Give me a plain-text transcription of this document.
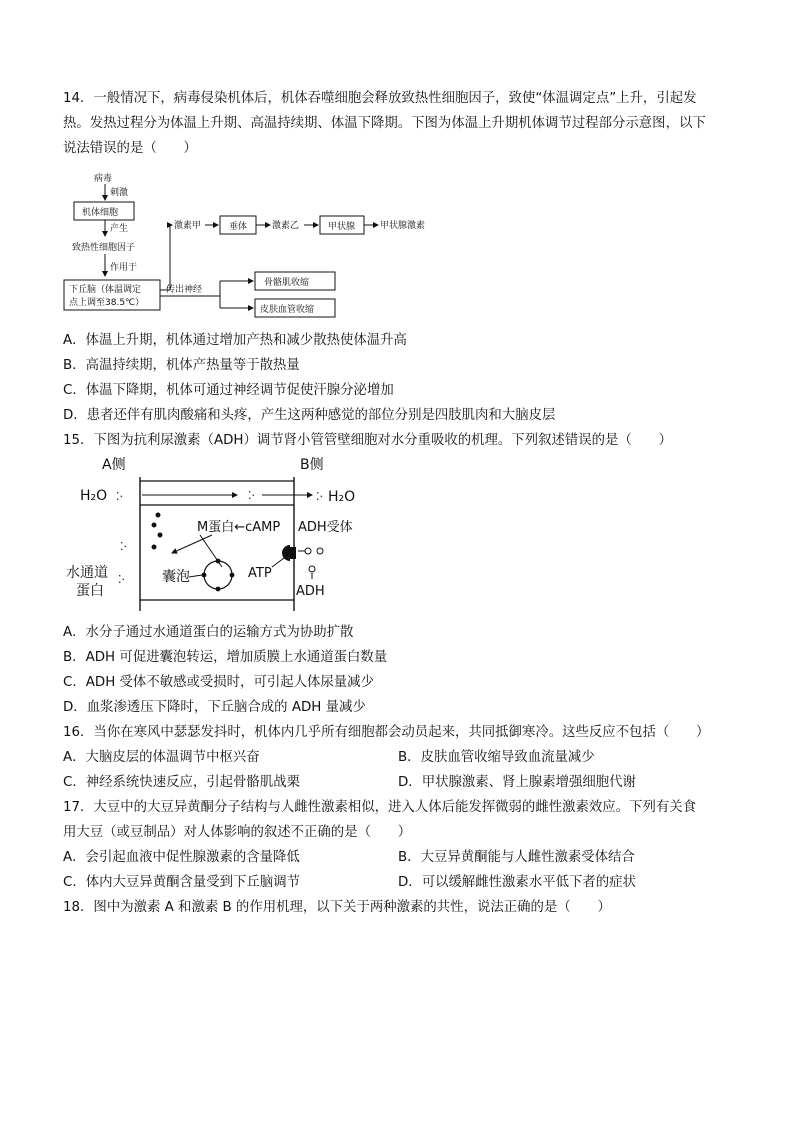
14．一般情况下，病毒侵染机体后，机体吞噬细胞会释放致热性细胞因子，致使“体温调定点”上升，引起发
热。发热过程分为体温上升期、高温持续期、体温下降期。下图为体温上升期机体调节过程部分示意图，以下
说法错误的是（　　）
病毒
刺激
机体细胞
产生
致热性细胞因子
作用于
下丘脑（体温调定
点上调至38.5℃）
激素甲	垂体	激素乙	甲状腺	甲状腺激素
传出神经
骨骼肌收缩
皮肤血管收缩
A．体温上升期，机体通过增加产热和减少散热使体温升高
B．高温持续期，机体产热量等于散热量
C．体温下降期，机体可通过神经调节促使汗腺分泌增加
D．患者还伴有肌肉酸痛和头疼，产生这两种感觉的部位分别是四肢肌肉和大脑皮层
15．下图为抗利尿激素（ADH）调节肾小管管壁细胞对水分重吸收的机理。下列叙述错误的是（　　）
A侧	B侧
H₂O ⁚·	⁚·	⁚· H₂O
⁚·
M蛋白←cAMP ADH受体
囊泡	ATP
水通道
蛋白
⁚·
ADH
A．水分子通过水通道蛋白的运输方式为协助扩散
B．ADH 可促进囊泡转运，增加质膜上水通道蛋白数量
C．ADH 受体不敏感或受损时，可引起人体尿量减少
D．血浆渗透压下降时，下丘脑合成的 ADH 量减少
16．当你在寒风中瑟瑟发抖时，机体内几乎所有细胞都会动员起来，共同抵御寒冷。这些反应不包括（　　）
A．大脑皮层的体温调节中枢兴奋	B．皮肤血管收缩导致血流量减少
C．神经系统快速反应，引起骨骼肌战栗	D．甲状腺激素、肾上腺素增强细胞代谢
17．大豆中的大豆异黄酮分子结构与人雌性激素相似，进入人体后能发挥微弱的雌性激素效应。下列有关食
用大豆（或豆制品）对人体影响的叙述不正确的是（　　）
A．会引起血液中促性腺激素的含量降低	B．大豆异黄酮能与人雌性激素受体结合
C．体内大豆异黄酮含量受到下丘脑调节	D．可以缓解雌性激素水平低下者的症状
18．图中为激素 A 和激素 B 的作用机理，以下关于两种激素的共性，说法正确的是（　　）
